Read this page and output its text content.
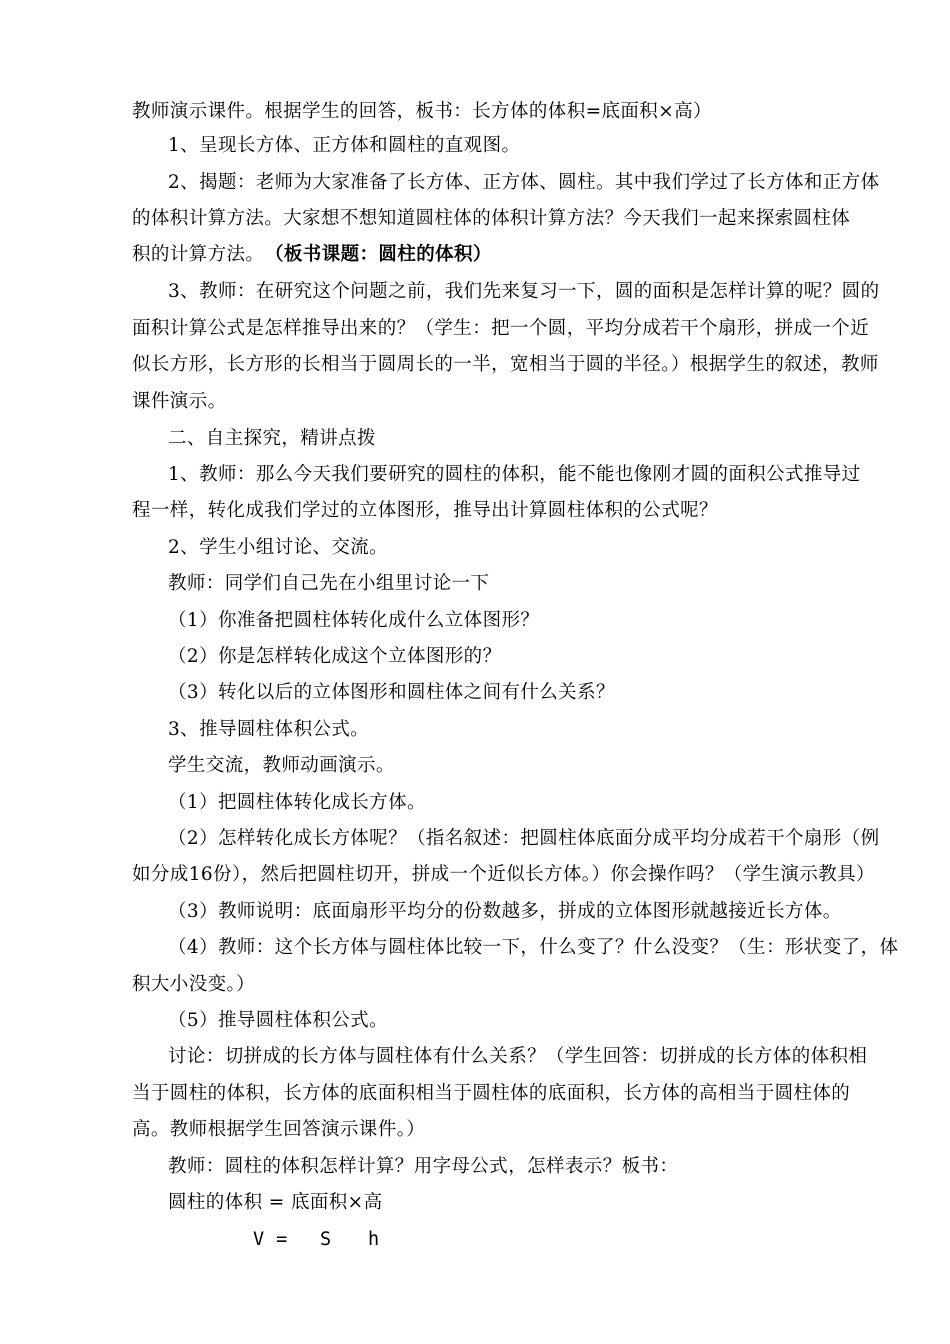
教师演示课件。根据学生的回答，板书：长方体的体积=底面积×高）
1、呈现长方体、正方体和圆柱的直观图。
2、揭题：老师为大家准备了长方体、正方体、圆柱。其中我们学过了长方体和正方体
的体积计算方法。大家想不想知道圆柱体的体积计算方法？今天我们一起来探索圆柱体
积的计算方法。 （板书课题：圆柱的体积）
3、教师：在研究这个问题之前，我们先来复习一下，圆的面积是怎样计算的呢？圆的
面积计算公式是怎样推导出来的？（学生：把一个圆，平均分成若干个扇形，拼成一个近
似长方形，长方形的长相当于圆周长的一半，宽相当于圆的半径。）根据学生的叙述，教师
课件演示。
二、自主探究，精讲点拨
1、教师：那么今天我们要研究的圆柱的体积，能不能也像刚才圆的面积公式推导过
程一样，转化成我们学过的立体图形，推导出计算圆柱体积的公式呢？
2、学生小组讨论、交流。
教师：同学们自己先在小组里讨论一下
（1）你准备把圆柱体转化成什么立体图形？
（2）你是怎样转化成这个立体图形的？
（3）转化以后的立体图形和圆柱体之间有什么关系？
3、推导圆柱体积公式。
学生交流，教师动画演示。
（1）把圆柱体转化成长方体。
（2）怎样转化成长方体呢？（指名叙述：把圆柱体底面分成平均分成若干个扇形（例
如分成16份），然后把圆柱切开，拼成一个近似长方体。）你会操作吗？（学生演示教具）
（3）教师说明：底面扇形平均分的份数越多，拼成的立体图形就越接近长方体。
（4）教师：这个长方体与圆柱体比较一下，什么变了？什么没变？（生：形状变了，体
积大小没变。）
（5）推导圆柱体积公式。
讨论：切拼成的长方体与圆柱体有什么关系？（学生回答：切拼成的长方体的体积相
当于圆柱的体积，长方体的底面积相当于圆柱体的底面积，长方体的高相当于圆柱体的
高。教师根据学生回答演示课件。）
教师：圆柱的体积怎样计算？用字母公式，怎样表示？板书：
圆柱的体积 = 底面积×高
V = S h
